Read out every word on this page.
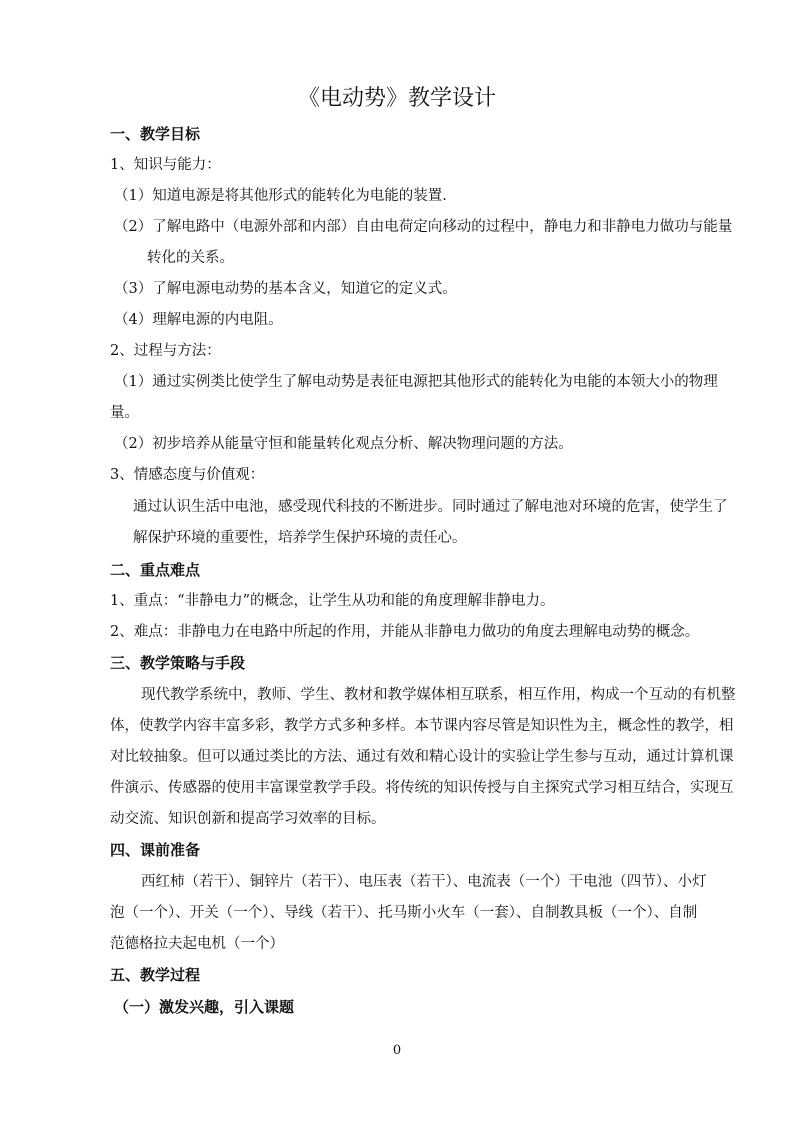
《电动势》教学设计
一、教学目标
1、知识与能力：
（1）知道电源是将其他形式的能转化为电能的装置.
（2）了解电路中（电源外部和内部）自由电荷定向移动的过程中，静电力和非静电力做功与能量
转化的关系。
（3）了解电源电动势的基本含义，知道它的定义式。
（4）理解电源的内电阻。
2、过程与方法：
（1）通过实例类比使学生了解电动势是表征电源把其他形式的能转化为电能的本领大小的物理
量。
（2）初步培养从能量守恒和能量转化观点分析、解决物理问题的方法。
3、情感态度与价值观：
通过认识生活中电池，感受现代科技的不断进步。同时通过了解电池对环境的危害，使学生了
解保护环境的重要性，培养学生保护环境的责任心。
二、重点难点
1、重点：“非静电力”的概念，让学生从功和能的角度理解非静电力。
2、难点：非静电力在电路中所起的作用，并能从非静电力做功的角度去理解电动势的概念。
三、教学策略与手段
现代教学系统中，教师、学生、教材和教学媒体相互联系，相互作用，构成一个互动的有机整
体，使教学内容丰富多彩，教学方式多种多样。本节课内容尽管是知识性为主，概念性的教学，相
对比较抽象。但可以通过类比的方法、通过有效和精心设计的实验让学生参与互动，通过计算机课
件演示、传感器的使用丰富课堂教学手段。将传统的知识传授与自主探究式学习相互结合，实现互
动交流、知识创新和提高学习效率的目标。
四、课前准备
西红柿（若干）、铜锌片（若干）、电压表（若干）、电流表（一个）干电池（四节）、小灯
泡（一个）、开关（一个）、导线（若干）、托马斯小火车（一套）、自制教具板（一个）、自制
范德格拉夫起电机（一个）
五、教学过程
（一）激发兴趣，引入课题
0
